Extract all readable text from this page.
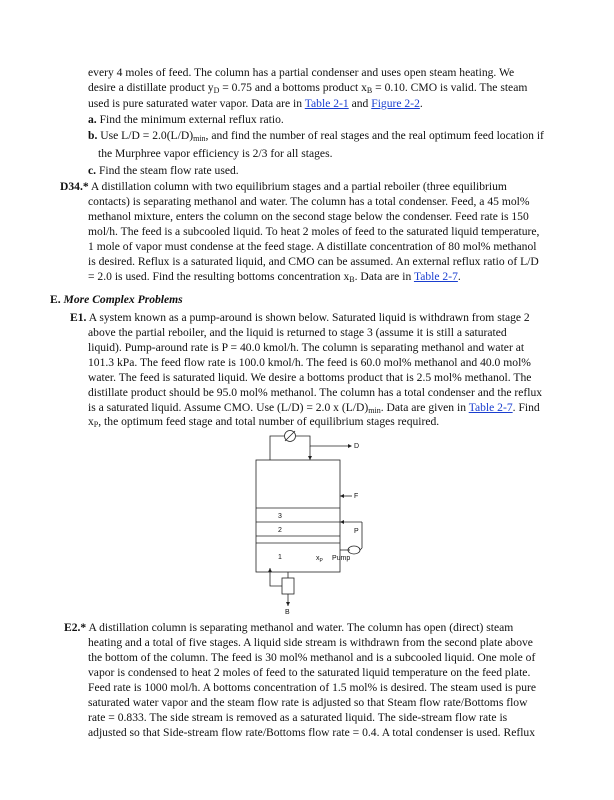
every 4 moles of feed. The column has a partial condenser and uses open steam heating. We
desire a distillate product $y_D = 0.75$ and a bottoms product $x_B = 0.10$. CMO is valid. The steam
used is pure saturated water vapor. Data are in Table 2-1 and Figure 2-2.
a. Find the minimum external reflux ratio.
b. Use $L/D = 2.0(L/D)_{min}$, and find the number of real stages and the real optimum feed location if
the Murphree vapor efficiency is 2/3 for all stages.
c. Find the steam flow rate used.
D34.* A distillation column with two equilibrium stages and a partial reboiler (three equilibrium
contacts) is separating methanol and water. The column has a total condenser. Feed, a 45 mol%
methanol mixture, enters the column on the second stage below the condenser. Feed rate is 150
mol/h. The feed is a subcooled liquid. To heat 2 moles of feed to the saturated liquid temperature,
1 mole of vapor must condense at the feed stage. A distillate concentration of 80 mol% methanol
is desired. Reflux is a saturated liquid, and CMO can be assumed. An external reflux ratio of L/D
= 2.0 is used. Find the resulting bottoms concentration $x_B$. Data are in Table 2-7.
E. More Complex Problems
E1. A system known as a pump-around is shown below. Saturated liquid is withdrawn from stage 2
above the partial reboiler, and the liquid is returned to stage 3 (assume it is still a saturated
liquid). Pump-around rate is P = 40.0 kmol/h. The column is separating methanol and water at
101.3 kPa. The feed flow rate is 100.0 kmol/h. The feed is 60.0 mol% methanol and 40.0 mol%
water. The feed is saturated liquid. We desire a bottoms product that is 2.5 mol% methanol. The
distillate product should be 95.0 mol% methanol. The column has a total condenser and the reflux
is a saturated liquid. Assume CMO. Use (L/D) = 2.0 x $(L/D)_{min}$. Data are given in Table 2-7. Find
$x_P$, the optimum feed stage and total number of equilibrium stages required.
D
F
P
B
3
2
1	$x_P$ Pump
E2.* A distillation column is separating methanol and water. The column has open (direct) steam
heating and a total of five stages. A liquid side stream is withdrawn from the second plate above
the bottom of the column. The feed is 30 mol% methanol and is a subcooled liquid. One mole of
vapor is condensed to heat 2 moles of feed to the saturated liquid temperature on the feed plate.
Feed rate is 1000 mol/h. A bottoms concentration of 1.5 mol% is desired. The steam used is pure
saturated water vapor and the steam flow rate is adjusted so that Steam flow rate/Bottoms flow
rate = 0.833. The side stream is removed as a saturated liquid. The side-stream flow rate is
adjusted so that Side-stream flow rate/Bottoms flow rate = 0.4. A total condenser is used. Reflux
